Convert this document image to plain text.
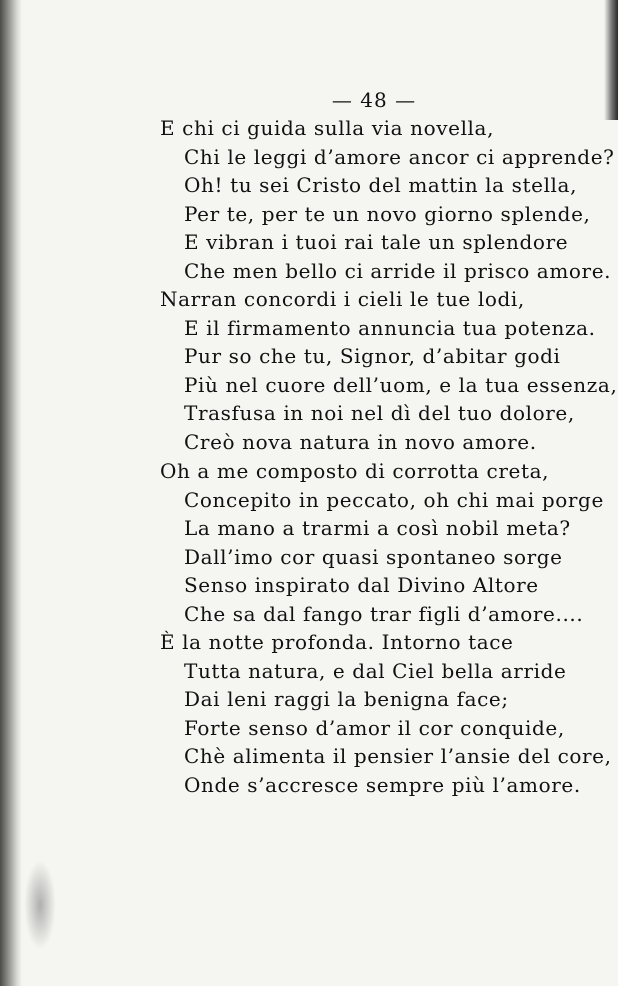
— 48 —
E chi ci guida sulla via novella,
Chi le leggi d’amore ancor ci apprende?
Oh! tu sei Cristo del mattin la stella,
Per te, per te un novo giorno splende,
E vibran i tuoi rai tale un splendore
Che men bello ci arride il prisco amore.
Narran concordi i cieli le tue lodi,
E il firmamento annuncia tua potenza.
Pur so che tu, Signor, d’abitar godi
Più nel cuore dell’uom, e la tua essenza,
Trasfusa in noi nel dì del tuo dolore,
Creò nova natura in novo amore.
Oh a me composto di corrotta creta,
Concepito in peccato, oh chi mai porge
La mano a trarmi a così nobil meta?
Dall’imo cor quasi spontaneo sorge
Senso inspirato dal Divino Altore
Che sa dal fango trar figli d’amore....
È la notte profonda. Intorno tace
Tutta natura, e dal Ciel bella arride
Dai leni raggi la benigna face;
Forte senso d’amor il cor conquide,
Chè alimenta il pensier l’ansie del core,
Onde s’accresce sempre più l’amore.
